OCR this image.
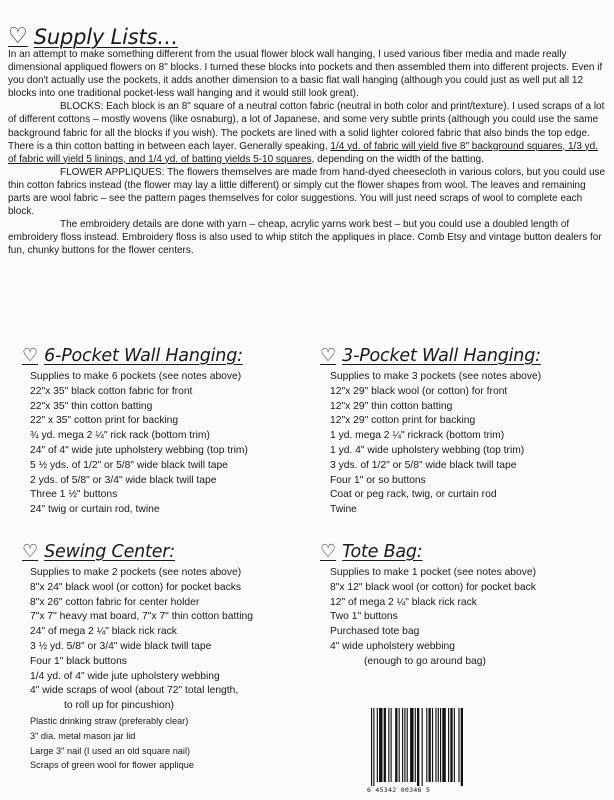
♡ Supply Lists…

In an attempt to make something different from the usual flower block wall hanging, I used various fiber media and made really dimensional appliqued flowers on 8" blocks. I turned these blocks into pockets and then assembled them into different projects. Even if you don't actually use the pockets, it adds another dimension to a basic flat wall hanging (although you could just as well put all 12 blocks into one traditional pocket-less wall hanging and it would still look great).

BLOCKS: Each block is an 8" square of a neutral cotton fabric (neutral in both color and print/texture). I used scraps of a lot of different cottons – mostly wovens (like osnaburg), a lot of Japanese, and some very subtle prints (although you could use the same background fabric for all the blocks if you wish). The pockets are lined with a solid lighter colored fabric that also binds the top edge. There is a thin cotton batting in between each layer. Generally speaking, 1/4 yd. of fabric will yield five 8" background squares, 1/3 yd. of fabric will yield 5 linings, and 1/4 yd. of batting yields 5-10 squares, depending on the width of the batting.

FLOWER APPLIQUES: The flowers themselves are made from hand-dyed cheesecloth in various colors, but you could use thin cotton fabrics instead (the flower may lay a little different) or simply cut the flower shapes from wool. The leaves and remaining parts are wool fabric – see the pattern pages themselves for color suggestions. You will just need scraps of wool to complete each block.

The embroidery details are done with yarn – cheap, acrylic yarns work best – but you could use a doubled length of embroidery floss instead. Embroidery floss is also used to whip stitch the appliques in place. Comb Etsy and vintage button dealers for fun, chunky buttons for the flower centers.

♡ 6-Pocket Wall Hanging:
Supplies to make 6 pockets (see notes above)
22"x 35" black cotton fabric for front
22"x 35" thin cotton batting
22" x 35" cotton print for backing
¾ yd. mega 2 ¼" rick rack (bottom trim)
24" of 4" wide jute upholstery webbing (top trim)
5 ½ yds. of 1/2" or 5/8" wide black twill tape
2 yds. of 5/8" or 3/4" wide black twill tape
Three 1 ½" buttons
24" twig or curtain rod, twine
♡ 3-Pocket Wall Hanging:
Supplies to make 3 pockets (see notes above)
12"x 29" black wool (or cotton) for front
12"x 29" thin cotton batting
12"x 29" cotton print for backing
1 yd. mega 2 ¼" rickrack (bottom trim)
1 yd. 4" wide upholstery webbing (top trim)
3 yds. of 1/2" or 5/8" wide black twill tape
Four 1" or so buttons
Coat or peg rack, twig, or curtain rod
Twine
♡ Sewing Center:
Supplies to make 2 pockets (see notes above)
8"x 24" black wool (or cotton) for pocket backs
8"x 26" cotton fabric for center holder
7"x 7" heavy mat board, 7"x 7" thin cotton batting
24" of mega 2 ¼" black rick rack
3 ½ yd. 5/8" or 3/4" wide black twill tape
Four 1" black buttons
1/4 yd. of 4" wide jute upholstery webbing
4" wide scraps of wool (about 72" total length,
to roll up for pincushion)
Plastic drinking straw (preferably clear)
3" dia. metal mason jar lid
Large 3" nail (I used an old square nail)
Scraps of green wool for flower applique
♡ Tote Bag:
Supplies to make 1 pocket (see notes above)
8"x 12" black wool (or cotton) for pocket back
12" of mega 2 ¼" black rick rack
Two 1" buttons
Purchased tote bag
4" wide upholstery webbing
(enough to go around bag)
6 45342 00346 5
